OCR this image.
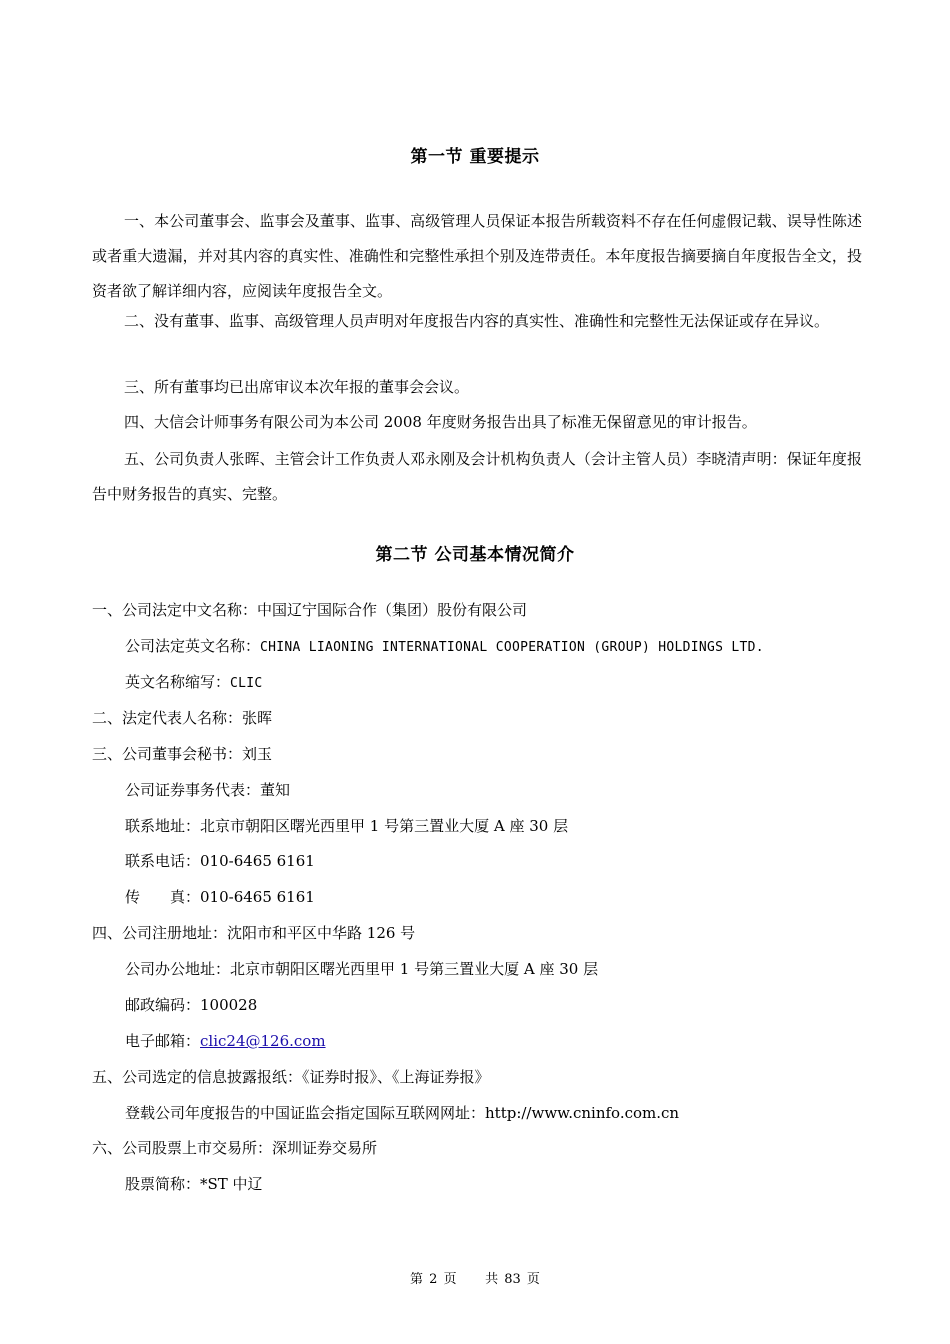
第一节 重要提示
一、本公司董事会、监事会及董事、监事、高级管理人员保证本报告所载资料不存在任何虚假记载、误导性陈述或者重大遗漏，并对其内容的真实性、准确性和完整性承担个别及连带责任。本年度报告摘要摘自年度报告全文，投资者欲了解详细内容，应阅读年度报告全文。
二、没有董事、监事、高级管理人员声明对年度报告内容的真实性、准确性和完整性无法保证或存在异议。
三、所有董事均已出席审议本次年报的董事会会议。
四、大信会计师事务有限公司为本公司 2008 年度财务报告出具了标准无保留意见的审计报告。
五、公司负责人张晖、主管会计工作负责人邓永刚及会计机构负责人（会计主管人员）李晓清声明：保证年度报告中财务报告的真实、完整。
第二节 公司基本情况简介
一、公司法定中文名称：中国辽宁国际合作（集团）股份有限公司
公司法定英文名称：CHINA LIAONING INTERNATIONAL COOPERATION (GROUP) HOLDINGS LTD.
英文名称缩写：CLIC
二、法定代表人名称：张晖
三、公司董事会秘书：刘玉
公司证券事务代表：董知
联系地址：北京市朝阳区曙光西里甲 1 号第三置业大厦 A 座 30 层
联系电话：010-6465 6161
传　　真：010-6465 6161
四、公司注册地址：沈阳市和平区中华路 126 号
公司办公地址：北京市朝阳区曙光西里甲 1 号第三置业大厦 A 座 30 层
邮政编码：100028
电子邮箱：clic24@126.com
五、公司选定的信息披露报纸：《证券时报》、《上海证券报》
登载公司年度报告的中国证监会指定国际互联网网址：http://www.cninfo.com.cn
六、公司股票上市交易所：深圳证券交易所
股票简称：*ST 中辽
第 2 页 共 83 页
